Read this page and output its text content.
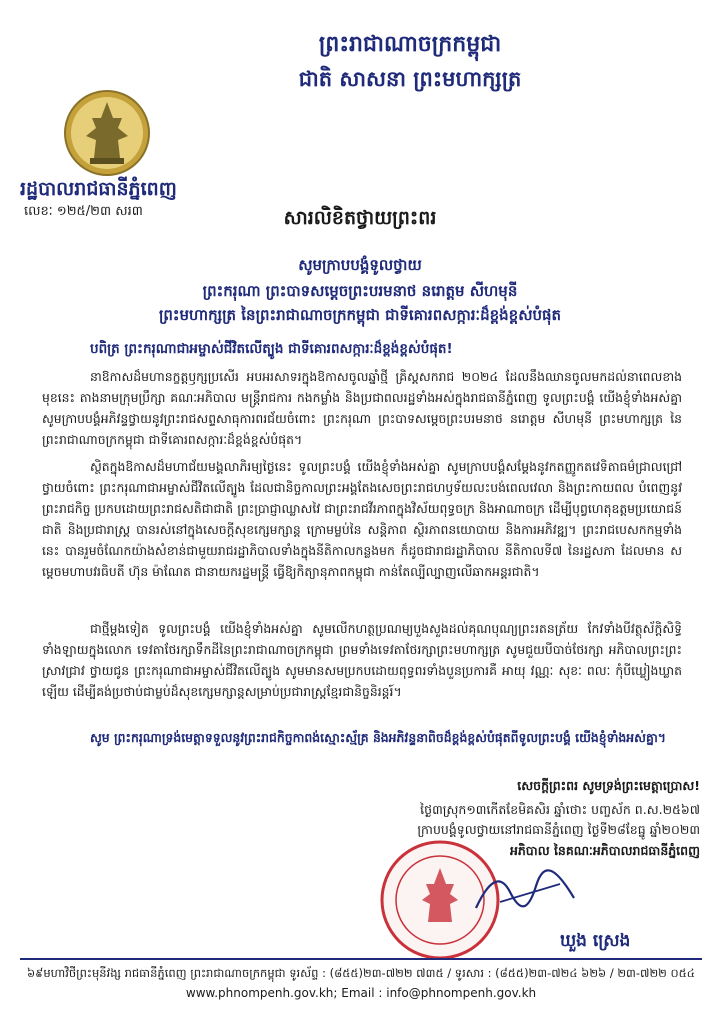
ព្រះរាជាណាចក្រកម្ពុជា
ជាតិ សាសនា ព្រះមហាក្សត្រ
រដ្ឋបាលរាជធានីភ្នំពេញ
លេខៈ ១២៥/២៣ សរ៣	សារលិខិតថ្វាយព្រះពរ
សូមក្រាបបង្គំទូលថ្វាយ
ព្រះករុណា ព្រះបាទសម្តេចព្រះបរមនាថ នរោត្តម សីហមុនី
ព្រះមហាក្សត្រ នៃព្រះរាជាណាចក្រកម្ពុជា ជាទីគោរពសក្ការៈដ៏ខ្ពង់ខ្ពស់បំផុត
បពិត្រ ព្រះករុណាជាអម្ចាស់ជីវិតលើត្បូង ជាទីគោរពសក្ការៈដ៏ខ្ពង់ខ្ពស់បំផុត!

នាឱកាសដ៏មហានក្ខត្តឫក្សប្រសើរ អបអរសាទរក្នុងឱកាសចូលឆ្នាំថ្មី គ្រិស្តសករាជ ២០២៤ ដែលនឹងឈានចូលមកដល់នាពេលខាងមុខនេះ តាងនាមក្រុមប្រឹក្សា គណៈអភិបាល មន្ត្រីរាជការ កងកម្លាំង និងប្រជាពលរដ្ឋទាំងអស់ក្នុងរាជធានីភ្នំពេញ ទូលព្រះបង្គំ យើងខ្ញុំទាំងអស់គ្នា សូមក្រាបបង្គំអភិវន្ទថ្វាយនូវព្រះរាជសព្ទសាធុការពរជ័យចំពោះ ព្រះករុណា ព្រះបាទសម្តេចព្រះបរមនាថ នរោត្តម សីហមុនី ព្រះមហាក្សត្រ នៃព្រះរាជាណាចក្រកម្ពុជា ជាទីគោរពសក្ការៈដ៏ខ្ពង់ខ្ពស់បំផុត។

ស្ថិតក្នុងឱកាសដ៏មហាជ័យមង្គលាភិរម្យថ្ងៃនេះ ទូលព្រះបង្គំ យើងខ្ញុំទាំងអស់គ្នា សូមក្រាបបង្គំសម្តែងនូវកតញ្ញូកតវេទិតាធម៌ជ្រាលជ្រៅ ថ្វាយចំពោះ ព្រះករុណាជាអម្ចាស់ជីវិតលើត្បូង ដែលជានិច្ចកាលព្រះអង្គតែងសេចព្រះរាជហឫទ័យលះបង់ពេលវេលា និងព្រះកាយពល បំពេញនូវព្រះរាជកិច្ច ប្រកបដោយព្រះរាជសតិជាជាតិ ព្រះប្រាជ្ញាឈ្លាសវៃ ជាព្រះរាជវីរភាពក្នុងវិស័យពុទ្ធចក្រ និងអាណាចក្រ ដើម្បីបុព្វហេតុឧត្តមប្រយោជន៍ជាតិ និងប្រជារាស្ត្រ បានរស់នៅក្នុងសេចក្តីសុខក្សេមក្សាន្ត ក្រោមម្លប់នៃ សន្តិភាព ស្ថិរភាពនយោបាយ និងការអភិវឌ្ឍ។ ព្រះរាជបេសកកម្មទាំងនេះ បានរួមចំណែកយ៉ាងសំខាន់ជាមួយរាជរដ្ឋាភិបាលទាំងក្នុងនីតិកាលកន្លងមក ក៏ដូចជារាជរដ្ឋាភិបាល នីតិកាលទី៧ នៃរដ្ឋសភា ដែលមាន សម្តេចមហាបវរធិបតី ហ៊ុន ម៉ាណែត ជានាយករដ្ឋមន្ត្រី ធ្វើឱ្យកិត្យានុភាពកម្ពុជា កាន់តែល្បីល្បាញលើឆាកអន្តរជាតិ។

ជាថ្មីម្តងទៀត ទូលព្រះបង្គំ យើងខ្ញុំទាំងអស់គ្នា សូមលើកហត្ថប្រណម្យបួងសួងដល់គុណបុណ្យព្រះរតនត្រ័យ កែវទាំងបីវត្ថុស័ក្តិសិទ្ធិទាំងឡាយក្នុងលោក ទេវតាថែរក្សាទឹកដីនៃព្រះរាជាណាចក្រកម្ពុជា ព្រមទាំងទេវតាថែរក្សាព្រះមហាក្សត្រ សូមជួយបីបាច់ថែរក្សា អភិបាលព្រះព្រះស្រាវជ្រាវ ថ្វាយជូន ព្រះករុណាជាអម្ចាស់ជីវិតលើត្បូង សូមមានសមប្រកបដោយពុទ្ធពរទាំងបួនប្រការគឺ អាយុ វណ្ណៈ សុខៈ ពលៈ កុំបីឃ្លៀងឃ្លាតឡើយ ដើម្បីគង់ប្រថាប់ជាម្លប់ដ៏សុខក្សេមក្សាន្តសម្រាប់ប្រជារាស្ត្រខ្មែរជានិច្ចនិរន្តរ៍។

សូម ព្រះករុណាទ្រង់មេត្តាទទួលនូវព្រះរាជកិច្ចកាពង់ស្មោះស្ម័គ្រ និងអភិវន្ទនាពិចដ៏ខ្ពង់ខ្ពស់បំផុតពីទូលព្រះបង្គំ យើងខ្ញុំទាំងអស់គ្នា។

សេចក្តីព្រះពរ សូមទ្រង់ព្រះមេត្តាប្រោស!
ថ្ងៃ៣ស្រុក១៣កើតខែមិគសិរ ឆ្នាំថោះ បញ្ចស័ក ព.ស.២៥៦៧
ក្រាបបង្គំទូលថ្វាយនៅរាជធានីភ្នំពេញ ថ្ងៃទី២៨ខែធ្នូ ឆ្នាំ២០២៣
អភិបាល នៃគណៈអភិបាលរាជធានីភ្នំពេញ
ឃួង ស្រេង
៦៩មហាវិថីព្រះមុនីវង្ស រាជធានីភ្នំពេញ ព្រះរាជាណាចក្រកម្ពុជា ទូរស័ព្ទ : (៨៥៥)២៣-៧២២ ៧៣៥ / ទូរសារ : (៨៥៥)២៣-៧២៤ ៦២៦ / ២៣-៧២២ ០៥៤
www.phnompenh.gov.kh; Email : info@phnompenh.gov.kh
